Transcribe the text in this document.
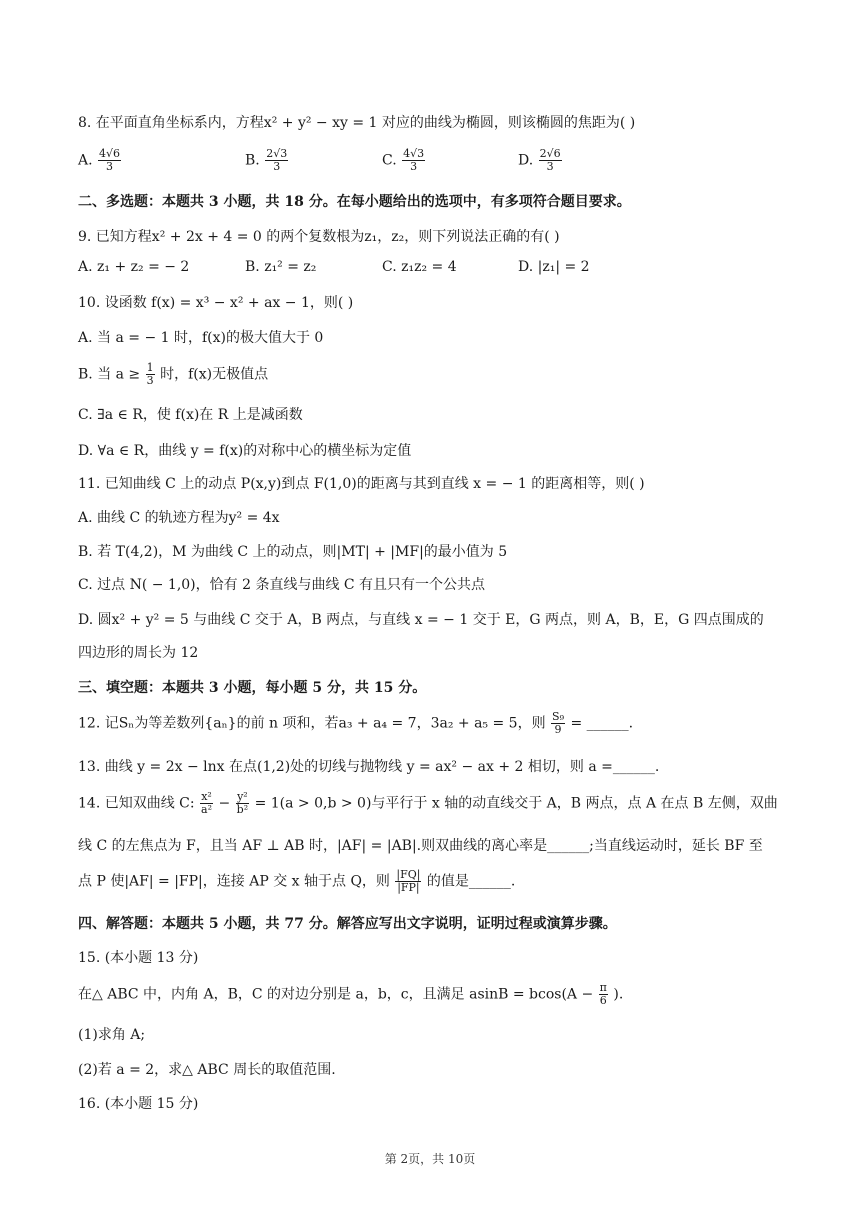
8. 在平面直角坐标系内，方程x² + y² − xy = 1 对应的曲线为椭圆，则该椭圆的焦距为( )
A. $\frac{4√6}{3}$	B. $\frac{2√3}{3}$	C. $\frac{4√3}{3}$	D. $\frac{2√6}{3}$
二、多选题：本题共 3 小题，共 18 分。在每小题给出的选项中，有多项符合题目要求。
9. 已知方程x² + 2x + 4 = 0 的两个复数根为z₁，z₂，则下列说法正确的有( )
A. z₁ + z₂ = − 2	B. z₁² = z₂	C. z₁z₂ = 4	D. |z₁| = 2
10. 设函数 f(x) = x³ − x² + ax − 1，则( )
A. 当 a = − 1 时，f(x)的极大值大于 0
B. 当 $a \ge \frac{1}{3}$ 时，f(x)无极值点
C. ∃a ∈ R，使 f(x)在 R 上是减函数
D. ∀a ∈ R，曲线 y = f(x)的对称中心的横坐标为定值
11. 已知曲线 C 上的动点 P(x,y)到点 F(1,0)的距离与其到直线 x = − 1 的距离相等，则( )
A. 曲线 C 的轨迹方程为y² = 4x
B. 若 T(4,2)，M 为曲线 C 上的动点，则|MT| + |MF|的最小值为 5
C. 过点 N( − 1,0)，恰有 2 条直线与曲线 C 有且只有一个公共点
D. 圆x² + y² = 5 与曲线 C 交于 A，B 两点，与直线 x = − 1 交于 E，G 两点，则 A，B，E，G 四点围成的
四边形的周长为 12
三、填空题：本题共 3 小题，每小题 5 分，共 15 分。
12. 记Sₙ为等差数列{aₙ}的前 n 项和，若a₃ + a₄ = 7，3a₂ + a₅ = 5，则 $\frac{\text{S₉}}{9}$ = ______.
13. 曲线 y = 2x − lnx 在点(1,2)处的切线与抛物线 y = ax² − ax + 2 相切，则 a =______.
14. 已知双曲线 C: $\frac{\text{x²}}{\text{a²}} - \frac{\text{y²}}{\text{b²}} = 1(a > 0,b > 0)$与平行于 x 轴的动直线交于 A，B 两点，点 A 在点 B 左侧，双曲
线 C 的左焦点为 F，且当 AF ⊥ AB 时，|AF| = |AB|.则双曲线的离心率是______;当直线运动时，延长 BF 至
点 P 使|AF| = |FP|，连接 AP 交 x 轴于点 Q，则 $\frac{|FQ|}{|FP|}$ 的值是______.
四、解答题：本题共 5 小题，共 77 分。解答应写出文字说明，证明过程或演算步骤。
15. (本小题 13 分)
在△ ABC 中，内角 A，B，C 的对边分别是 a，b，c，且满足 $asinB = bcos(A - \frac{\pi}{6}$ ).
(1)求角 A;
(2)若 a = 2，求△ ABC 周长的取值范围.
16. (本小题 15 分)
第 2页，共 10页
